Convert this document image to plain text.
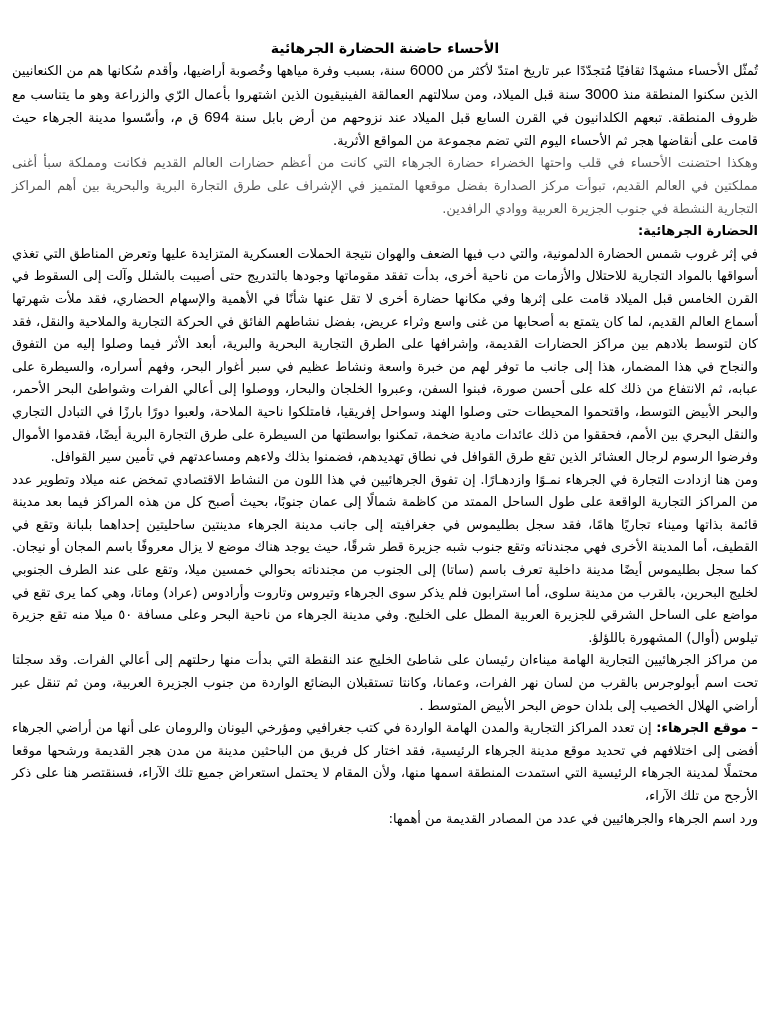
الأحساء حاضنة الحضارة الجرهائية

تُمثّل الأحساء مشهدًا ثقافيًا مُتجدّدًا عبر تاريخ امتدّ لأكثر من 6000 سنة، بسبب وفرة مياهها وخُصوبة أراضيها، وأقدم سُكانها هم من الكنعانيين الذين سكنوا المنطقة منذ 3000 سنة قبل الميلاد، ومن سلالتهم العمالقة الفينيقيون الذين اشتهروا بأعمال الرّي والزراعة وهو ما يتناسب مع ظروف المنطقة. تبعهم الكلدانيون في القرن السابع قبل الميلاد عند نزوحهم من أرض بابل سنة 694 ق م، وأسّسوا مدينة الجرهاء حيث قامت على أنقاضها هجر ثم الأحساء اليوم التي تضم مجموعة من المواقع الأثرية.

وهكذا احتضنت الأحساء في قلب واحتها الخضراء حضارة الجرهاء التي كانت من أعظم حضارات العالم القديم فكانت ومملكة سبأ أغنى مملكتين في العالم القديم، تبوأت مركز الصدارة بفضل موقعها المتميز في الإشراف على طرق التجارة البرية والبحرية بين أهم المراكز التجارية النشطة في جنوب الجزيرة العربية ووادي الرافدين.

الحضارة الجرهائية:

في إثر غروب شمس الحضارة الدلمونية، والتي دب فيها الضعف والهوان نتيجة الحملات العسكرية المتزايدة عليها وتعرض المناطق التي تغذي أسواقها بالمواد التجارية للاحتلال والأزمات من ناحية أخرى، بدأت تفقد مقوماتها وجودها بالتدريج حتى أصيبت بالشلل وآلت إلى السقوط في القرن الخامس قبل الميلاد قامت على إثرها وفي مكانها حضارة أخرى لا تقل عنها شأنًا في الأهمية والإسهام الحضاري، فقد ملأت شهرتها أسماع العالم القديم، لما كان يتمتع به أصحابها من غنى واسع وثراء عريض، بفضل نشاطهم الفائق في الحركة التجارية والملاحية والنقل، فقد كان لتوسط بلادهم بين مراكز الحضارات القديمة، وإشرافها على الطرق التجارية البحرية والبرية، أبعد الأثر فيما وصلوا إليه من التفوق والنجاح في هذا المضمار، هذا إلى جانب ما توفر لهم من خبرة واسعة ونشاط عظيم في سبر أغوار البحر، وفهم أسراره، والسيطرة على عبابه، ثم الانتفاع من ذلك كله على أحسن صورة، فبنوا السفن، وعبروا الخلجان والبحار، ووصلوا إلى أعالي الفرات وشواطئ البحر الأحمر، والبحر الأبيض التوسط، واقتحموا المحيطات حتى وصلوا الهند وسواحل إفريقيا، فامتلكوا ناحية الملاحة، ولعبوا دورًا بارزًا في التبادل التجاري والنقل البحري بين الأمم، فحققوا من ذلك عائدات مادية ضخمة، تمكنوا بواسطتها من السيطرة على طرق التجارة البرية أيضًا، فقدموا الأموال وفرضوا الرسوم لرجال العشائر الذين تقع طرق القوافل في نطاق تهديدهم، فضمنوا بذلك ولاءهم ومساعدتهم في تأمين سير القوافل.

ومن هنا ازدادت التجارة في الجرهاء نمـوًا وازدهـارًا. إن تفوق الجرهائيين في هذا اللون من النشاط الاقتصادي تمخض عنه ميلاد وتطوير عدد من المراكز التجارية الواقعة على طول الساحل الممتد من كاظمة شمالًا إلى عمان جنوبًا، بحيث أصبح كل من هذه المراكز فيما بعد مدينة قائمة بذاتها وميناء تجاريًا هامًا، فقد سجل بطليموس في جغرافيته إلى جانب مدينة الجرهاء مدينتين ساحليتين إحداهما بلبانة وتقع في القطيف، أما المدينة الأخرى فهي مجندناته وتقع جنوب شبه جزيرة قطر شرقًا، حيث يوجد هناك موضع لا يزال معروفًا باسم المجان أو نيجان. كما سجل بطليموس أيضًا مدينة داخلية تعرف باسم (ساتا) إلى الجنوب من مجندناته بحوالي خمسين ميلا، وتقع على عند الطرف الجنوبي لخليج البحرين، بالقرب من مدينة سلوى، أما استرابون فلم يذكر سوى الجرهاء وتيروس وتاروت وأرادوس (عراد) وماتا، وهي كما يرى تقع في مواضع على الساحل الشرقي للجزيرة العربية المطل على الخليج. وفي مدينة الجرهاء من ناحية البحر وعلى مسافة ٥٠ ميلا منه تقع جزيرة تيلوس (أوال) المشهورة باللؤلؤ.

من مراكز الجرهائيين التجارية الهامة ميناءان رئيسان على شاطئ الخليج عند النقطة التي بدأت منها رحلتهم إلى أعالي الفرات. وقد سجلتا تحت اسم أبولوجرس بالقرب من لسان نهر الفرات، وعمانا، وكانتا تستقبلان البضائع الواردة من جنوب الجزيرة العربية، ومن ثم تنقل عبر أراضي الهلال الخصيب إلى بلدان حوض البحر الأبيض المتوسط .

– موقع الجرهاء: إن تعدد المراكز التجارية والمدن الهامة الواردة في كتب جغرافيي ومؤرخي اليونان والرومان على أنها من أراضي الجرهاء أفضى إلى اختلافهم في تحديد موقع مدينة الجرهاء الرئيسية، فقد اختار كل فريق من الباحثين مدينة من مدن هجر القديمة ورشحها موقعا محتملًا لمدينة الجرهاء الرئيسية التي استمدت المنطقة اسمها منها، ولأن المقام لا يحتمل استعراض جميع تلك الآراء، فسنقتصر هنا على ذكر الأرجح من تلك الآراء،

ورد اسم الجرهاء والجرهائيين في عدد من المصادر القديمة من أهمها:
